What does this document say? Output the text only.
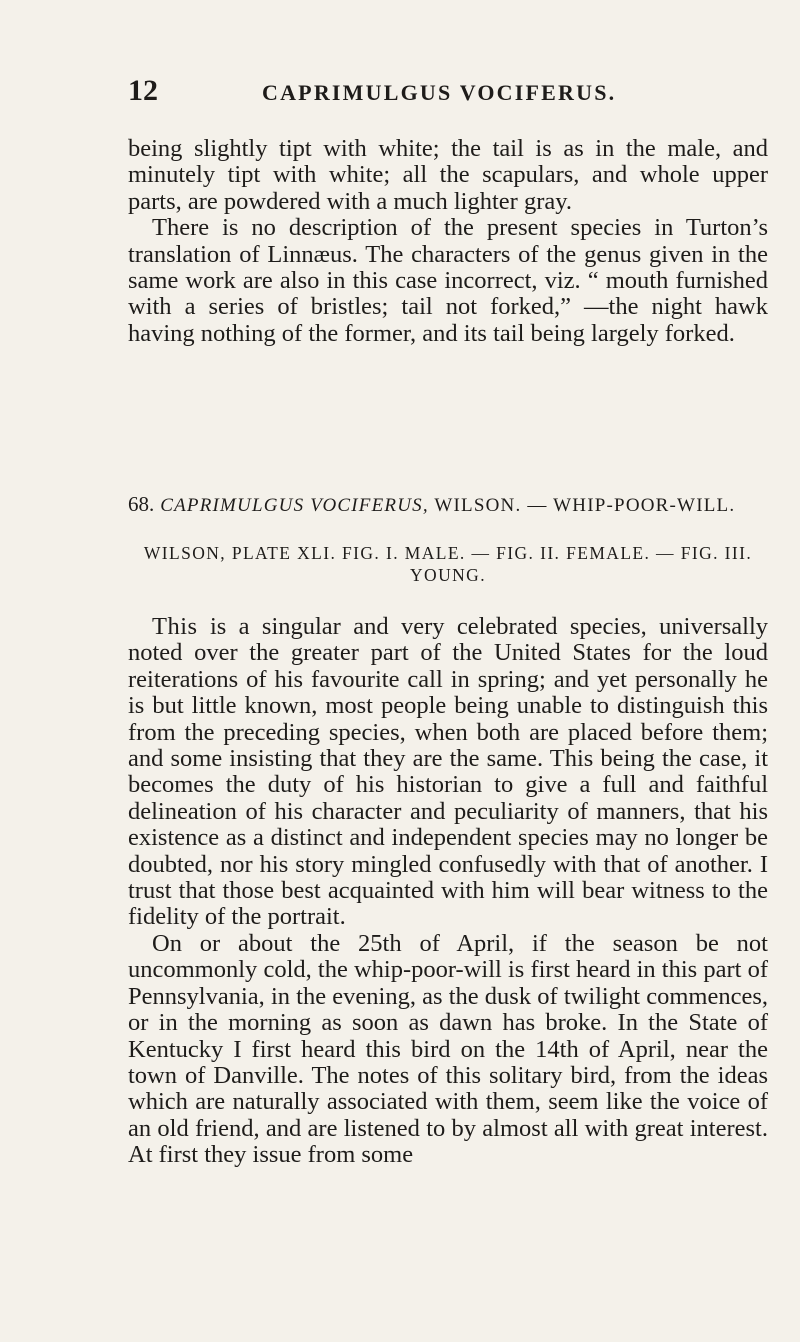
12	CAPRIMULGUS VOCIFERUS.

being slightly tipt with white; the tail is as in the male, and minutely tipt with white; all the scapulars, and whole upper parts, are powdered with a much lighter gray.

There is no description of the present species in Turton’s translation of Linnæus. The characters of the genus given in the same work are also in this case incorrect, viz. “ mouth furnished with a series of bristles; tail not forked,” —the night hawk having nothing of the former, and its tail being largely forked.

68. CAPRIMULGUS VOCIFERUS, WILSON. — WHIP-POOR-WILL.
WILSON, PLATE XLI. FIG. I. MALE. — FIG. II. FEMALE. — FIG. III. YOUNG.

This is a singular and very celebrated species, universally noted over the greater part of the United States for the loud reiterations of his favourite call in spring; and yet personally he is but little known, most people being unable to distinguish this from the preceding species, when both are placed before them; and some insisting that they are the same. This being the case, it becomes the duty of his historian to give a full and faithful delineation of his character and peculiarity of manners, that his existence as a distinct and independent species may no longer be doubted, nor his story mingled confusedly with that of another. I trust that those best acquainted with him will bear witness to the fidelity of the portrait.

On or about the 25th of April, if the season be not uncommonly cold, the whip-poor-will is first heard in this part of Pennsylvania, in the evening, as the dusk of twilight commences, or in the morning as soon as dawn has broke. In the State of Kentucky I first heard this bird on the 14th of April, near the town of Danville. The notes of this solitary bird, from the ideas which are naturally associated with them, seem like the voice of an old friend, and are listened to by almost all with great interest. At first they issue from some
